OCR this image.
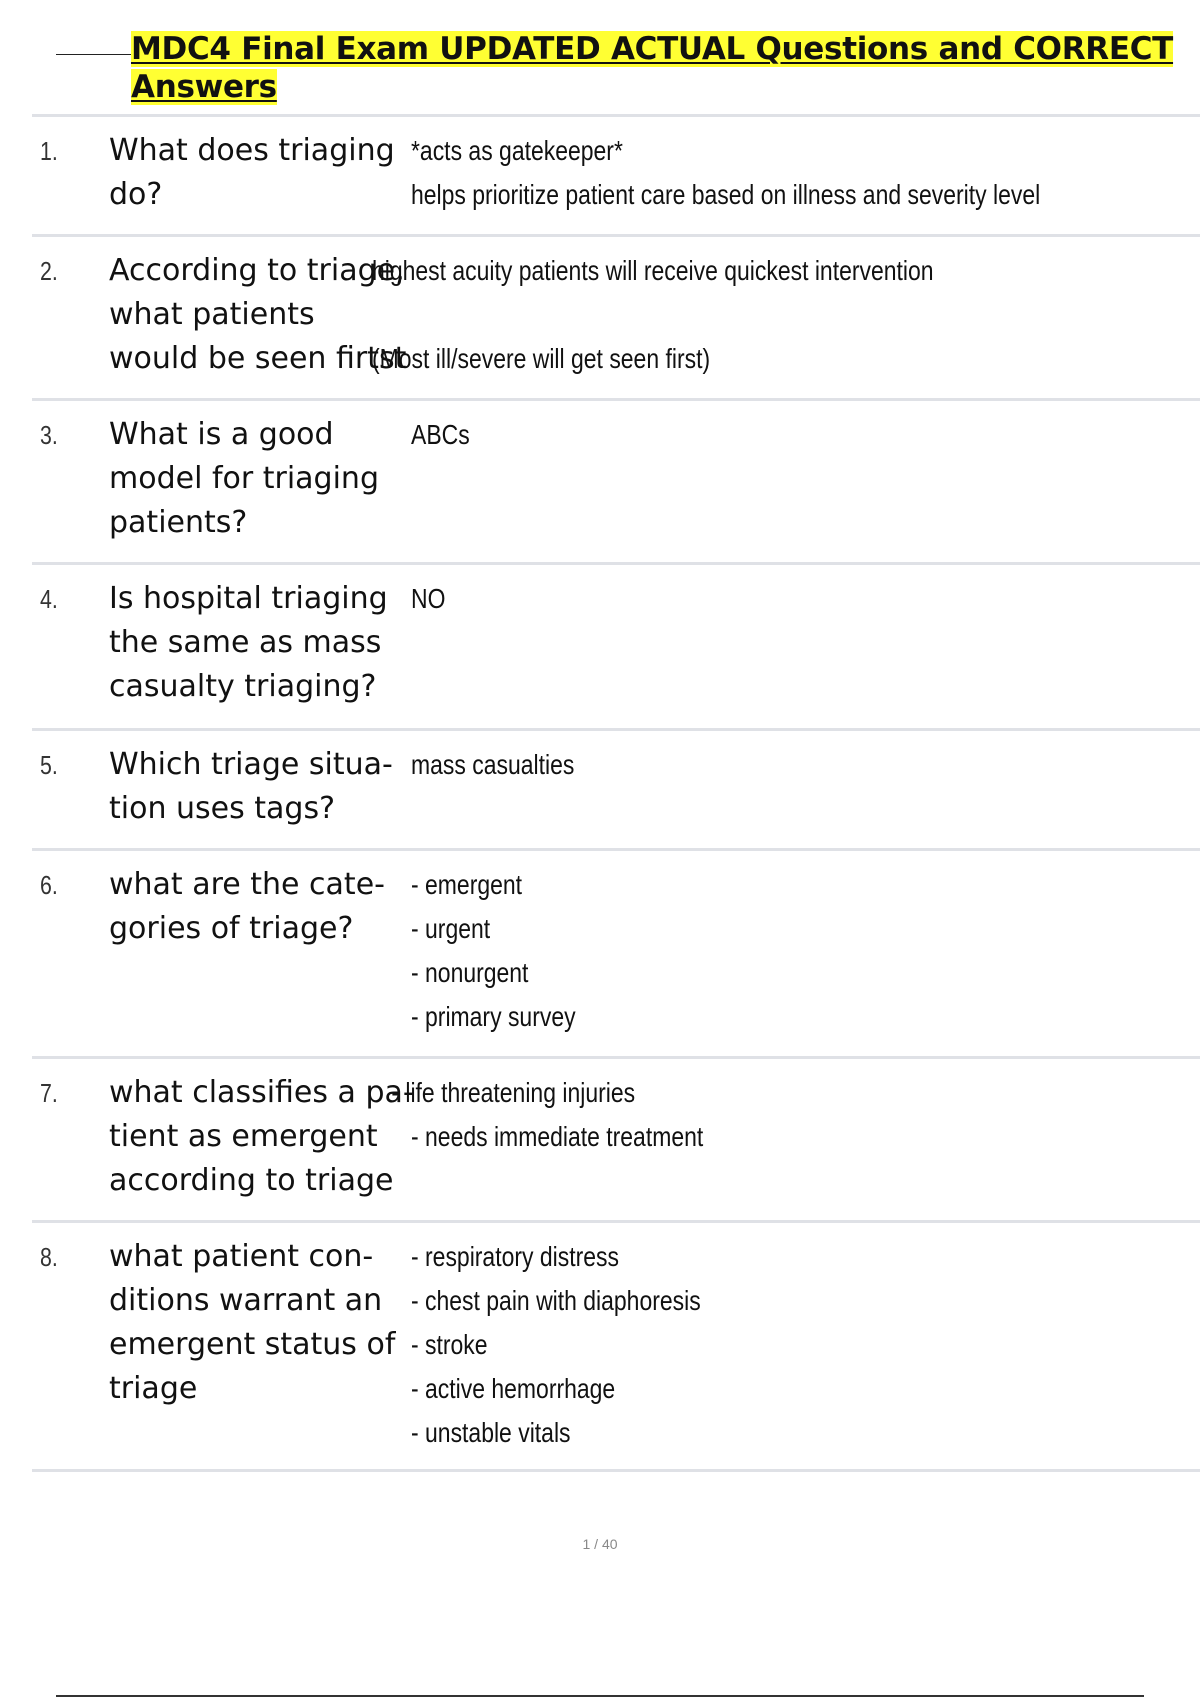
MDC4 Final Exam UPDATED ACTUAL Questions and CORRECT
Answers
1. What does triaging
do?
*acts as gatekeeper*
helps prioritize patient care based on illness and severity level
2. According to triage,
what patients
would be seen firtst
highest acuity patients will receive quickest intervention
(Most ill/severe will get seen first)
3. What is a good
model for triaging
patients?
ABCs
4. Is hospital triaging
the same as mass
casualty triaging?
NO
5. Which triage situa-
tion uses tags?
mass casualties
6. what are the cate-
gories of triage?
- emergent
- urgent
- nonurgent
- primary survey
7. what classifies a pa-
tient as emergent
according to triage
- life threatening injuries
- needs immediate treatment
8. what patient con-
ditions warrant an
emergent status of
triage
- respiratory distress
- chest pain with diaphoresis
- stroke
- active hemorrhage
- unstable vitals
1 / 40
